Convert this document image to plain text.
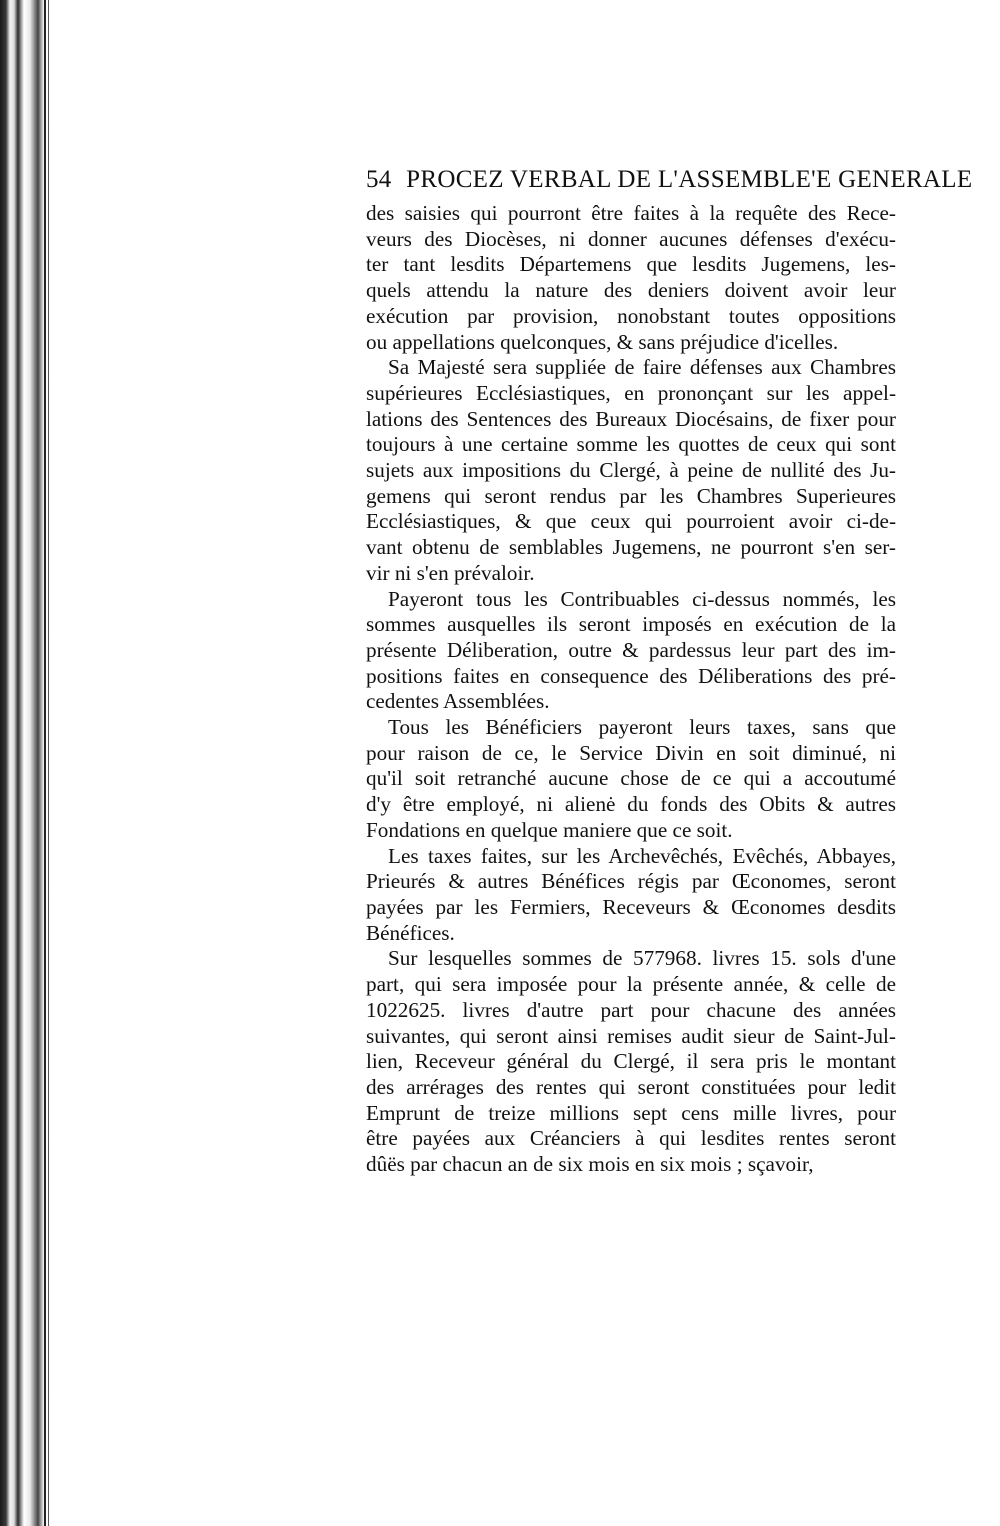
54 PROCEZ VERBAL DE L'ASSEMBLE'E GENERALE
des saisies qui pourront être faites à la requête des Rece-
veurs des Diocèses, ni donner aucunes défenses d'exécu-
ter tant lesdits Départemens que lesdits Jugemens, les-
quels attendu la nature des deniers doivent avoir leur
exécution par provision, nonobstant toutes oppositions
ou appellations quelconques, & sans préjudice d'icelles.
Sa Majesté sera suppliée de faire défenses aux Chambres
supérieures Ecclésiastiques, en prononçant sur les appel-
lations des Sentences des Bureaux Diocésains, de fixer pour
toujours à une certaine somme les quottes de ceux qui sont
sujets aux impositions du Clergé, à peine de nullité des Ju-
gemens qui seront rendus par les Chambres Superieures
Ecclésiastiques, & que ceux qui pourroient avoir ci-de-
vant obtenu de semblables Jugemens, ne pourront s'en ser-
vir ni s'en prévaloir.
Payeront tous les Contribuables ci-dessus nommés, les
sommes ausquelles ils seront imposés en exécution de la
présente Déliberation, outre & pardessus leur part des im-
positions faites en consequence des Déliberations des pré-
cedentes Assemblées.
Tous les Bénéficiers payeront leurs taxes, sans que
pour raison de ce, le Service Divin en soit diminué, ni
qu'il soit retranché aucune chose de ce qui a accoutumé
d'y être employé, ni alienė du fonds des Obits & autres
Fondations en quelque maniere que ce soit.
Les taxes faites, sur les Archevêchés, Evêchés, Abbayes,
Prieurés & autres Bénéfices régis par Œconomes, seront
payées par les Fermiers, Receveurs & Œconomes desdits
Bénéfices.
Sur lesquelles sommes de 577968. livres 15. sols d'une
part, qui sera imposée pour la présente année, & celle de
1022625. livres d'autre part pour chacune des années
suivantes, qui seront ainsi remises audit sieur de Saint-Jul-
lien, Receveur général du Clergé, il sera pris le montant
des arrérages des rentes qui seront constituées pour ledit
Emprunt de treize millions sept cens mille livres, pour
être payées aux Créanciers à qui lesdites rentes seront
dûës par chacun an de six mois en six mois ; sçavoir,
